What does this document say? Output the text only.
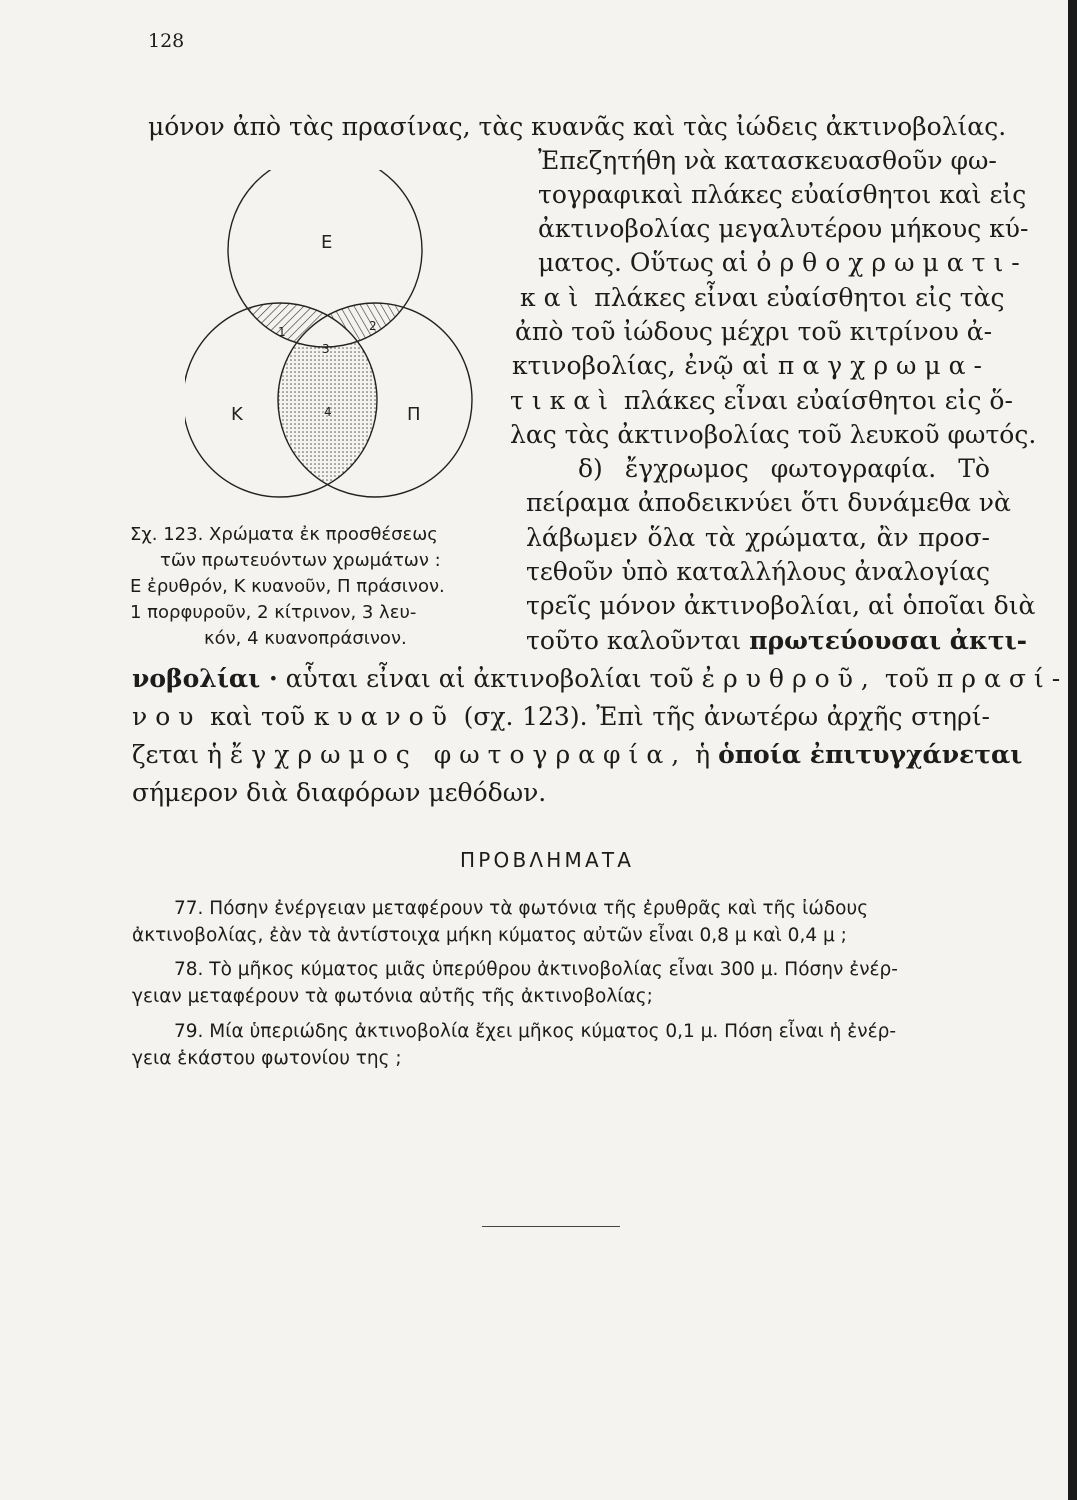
128
μόνον ἀπὸ τὰς πρασίνας, τὰς κυανᾶς καὶ τὰς ἰώδεις ἀκτινοβολίας.
Ἐπεζητήθη νὰ κατασκευασθοῦν φω-
τογραφικαὶ πλάκες εὐαίσθητοι καὶ εἰς
ἀκτινοβολίας μεγαλυτέρου μήκους κύ-
ματος. Οὕτως αἱ ὀρθοχρωματι-
καὶ πλάκες εἶναι εὐαίσθητοι εἰς τὰς
ἀπὸ τοῦ ἰώδους μέχρι τοῦ κιτρίνου ἀ-
κτινοβολίας, ἐνῷ αἱ παγχρωμα-
τικαὶ πλάκες εἶναι εὐαίσθητοι εἰς ὅ-
λας τὰς ἀκτινοβολίας τοῦ λευκοῦ φωτός.
δ) ἔγχρωμος φωτογραφία. Τὸ
πείραμα ἀποδεικνύει ὅτι δυνάμεθα νὰ
λάβωμεν ὅλα τὰ χρώματα, ἂν προσ-
τεθοῦν ὑπὸ καταλλήλους ἀναλογίας
τρεῖς μόνον ἀκτινοβολίαι, αἱ ὁποῖαι διὰ
τοῦτο καλοῦνται πρωτεύουσαι ἀκτι-
νοβολίαι · αὗται εἶναι αἱ ἀκτινοβολίαι τοῦ ἐρυθροῦ, τοῦ πρασί-
νου καὶ τοῦ κυανοῦ (σχ. 123). Ἐπὶ τῆς ἀνωτέρω ἀρχῆς στηρί-
ζεται ἡ ἔγχρωμος φωτογραφία, ἡ ὁποία ἐπιτυγχάνεται
σήμερον διὰ διαφόρων μεθόδων.
Ε
Κ	Π
1	2
3
4
Σχ. 123. Χρώματα ἐκ προσθέσεως
τῶν πρωτευόντων χρωμάτων :
Ε ἐρυθρόν, Κ κυανοῦν, Π πράσινον.
1 πορφυροῦν, 2 κίτρινον, 3 λευ-
κόν, 4 κυανοπράσινον.
ΠΡΟΒΛΗΜΑΤΑ
77. Πόσην ἐνέργειαν μεταφέρουν τὰ φωτόνια τῆς ἐρυθρᾶς καὶ τῆς ἰώδους
ἀκτινοβολίας, ἐὰν τὰ ἀντίστοιχα μήκη κύματος αὐτῶν εἶναι 0,8 μ καὶ 0,4 μ ;
78. Τὸ μῆκος κύματος μιᾶς ὑπερύθρου ἀκτινοβολίας εἶναι 300 μ. Πόσην ἐνέρ-
γειαν μεταφέρουν τὰ φωτόνια αὐτῆς τῆς ἀκτινοβολίας;
79. Μία ὑπεριώδης ἀκτινοβολία ἔχει μῆκος κύματος 0,1 μ. Πόση εἶναι ἡ ἐνέρ-
γεια ἑκάστου φωτονίου της ;
